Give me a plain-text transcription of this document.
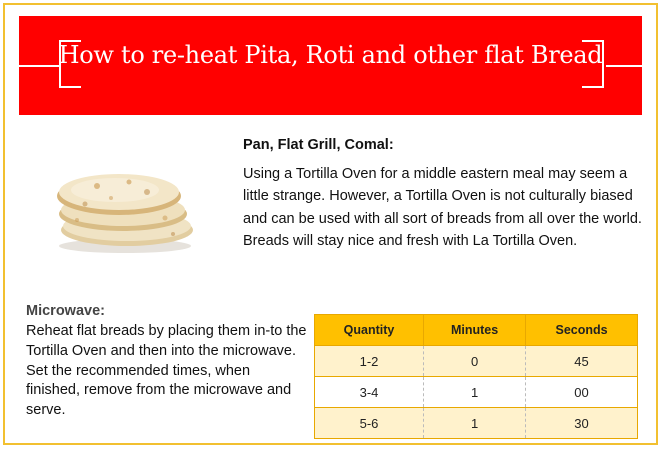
How to re-heat Pita, Roti and other flat Bread
Pan, Flat Grill, Comal:
Using a Tortilla Oven for a middle eastern meal may seem a little strange. However, a Tortilla Oven is not culturally biased and can be used with all sort of breads from all over the world. Breads will stay nice and fresh with La Tortilla Oven.
Microwave:
Reheat flat breads by placing them in-to the Tortilla Oven and then into the microwave. Set the recommended times, when finished, remove from the microwave and serve.
Quantity	Minutes	Seconds
1-2	0	45
3-4	1	00
5-6	1	30
